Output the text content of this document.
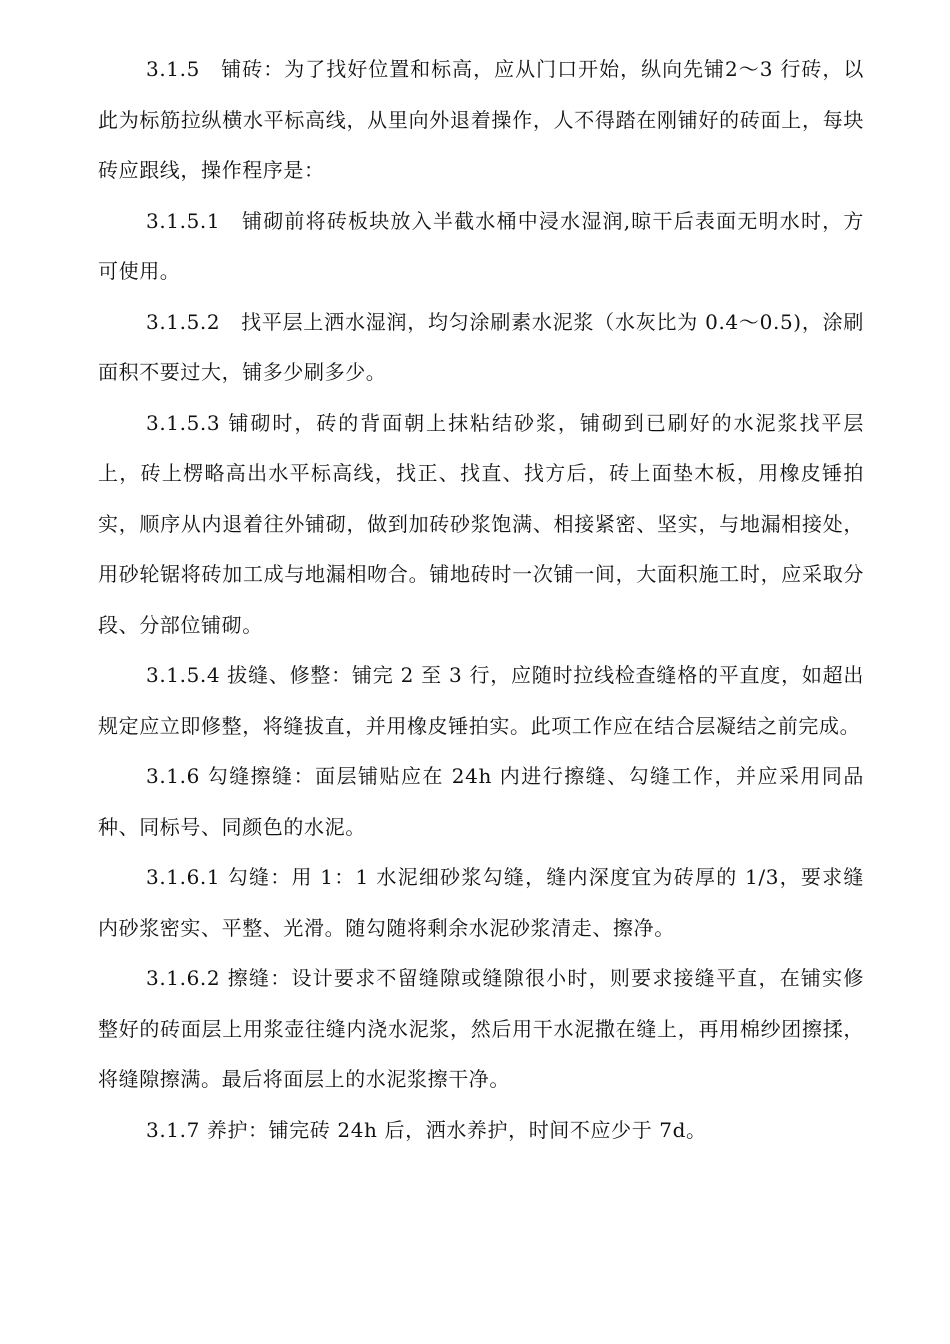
3.1.5　铺砖：为了找好位置和标高，应从门口开始，纵向先铺2～3 行砖，以此为标筋拉纵横水平标高线，从里向外退着操作，人不得踏在刚铺好的砖面上，每块砖应跟线，操作程序是：

3.1.5.1　铺砌前将砖板块放入半截水桶中浸水湿润,晾干后表面无明水时，方可使用。

3.1.5.2　找平层上洒水湿润，均匀涂刷素水泥浆（水灰比为 0.4～0.5)，涂刷面积不要过大，铺多少刷多少。

3.1.5.3 铺砌时，砖的背面朝上抹粘结砂浆，铺砌到已刷好的水泥浆找平层上，砖上楞略高出水平标高线，找正、找直、找方后，砖上面垫木板，用橡皮锤拍实，顺序从内退着往外铺砌，做到加砖砂浆饱满、相接紧密、坚实，与地漏相接处，用砂轮锯将砖加工成与地漏相吻合。铺地砖时一次铺一间，大面积施工时，应采取分段、分部位铺砌。

3.1.5.4 拔缝、修整：铺完 2 至 3 行，应随时拉线检查缝格的平直度，如超出规定应立即修整，将缝拔直，并用橡皮锤拍实。此项工作应在结合层凝结之前完成。

3.1.6 勾缝擦缝：面层铺贴应在 24h 内进行擦缝、勾缝工作，并应采用同品种、同标号、同颜色的水泥。

3.1.6.1 勾缝：用 1：1 水泥细砂浆勾缝，缝内深度宜为砖厚的 1/3，要求缝内砂浆密实、平整、光滑。随勾随将剩余水泥砂浆清走、擦净。

3.1.6.2 擦缝：设计要求不留缝隙或缝隙很小时，则要求接缝平直，在铺实修整好的砖面层上用浆壶往缝内浇水泥浆，然后用干水泥撒在缝上，再用棉纱团擦揉，将缝隙擦满。最后将面层上的水泥浆擦干净。

3.1.7 养护：铺完砖 24h 后，洒水养护，时间不应少于 7d。
